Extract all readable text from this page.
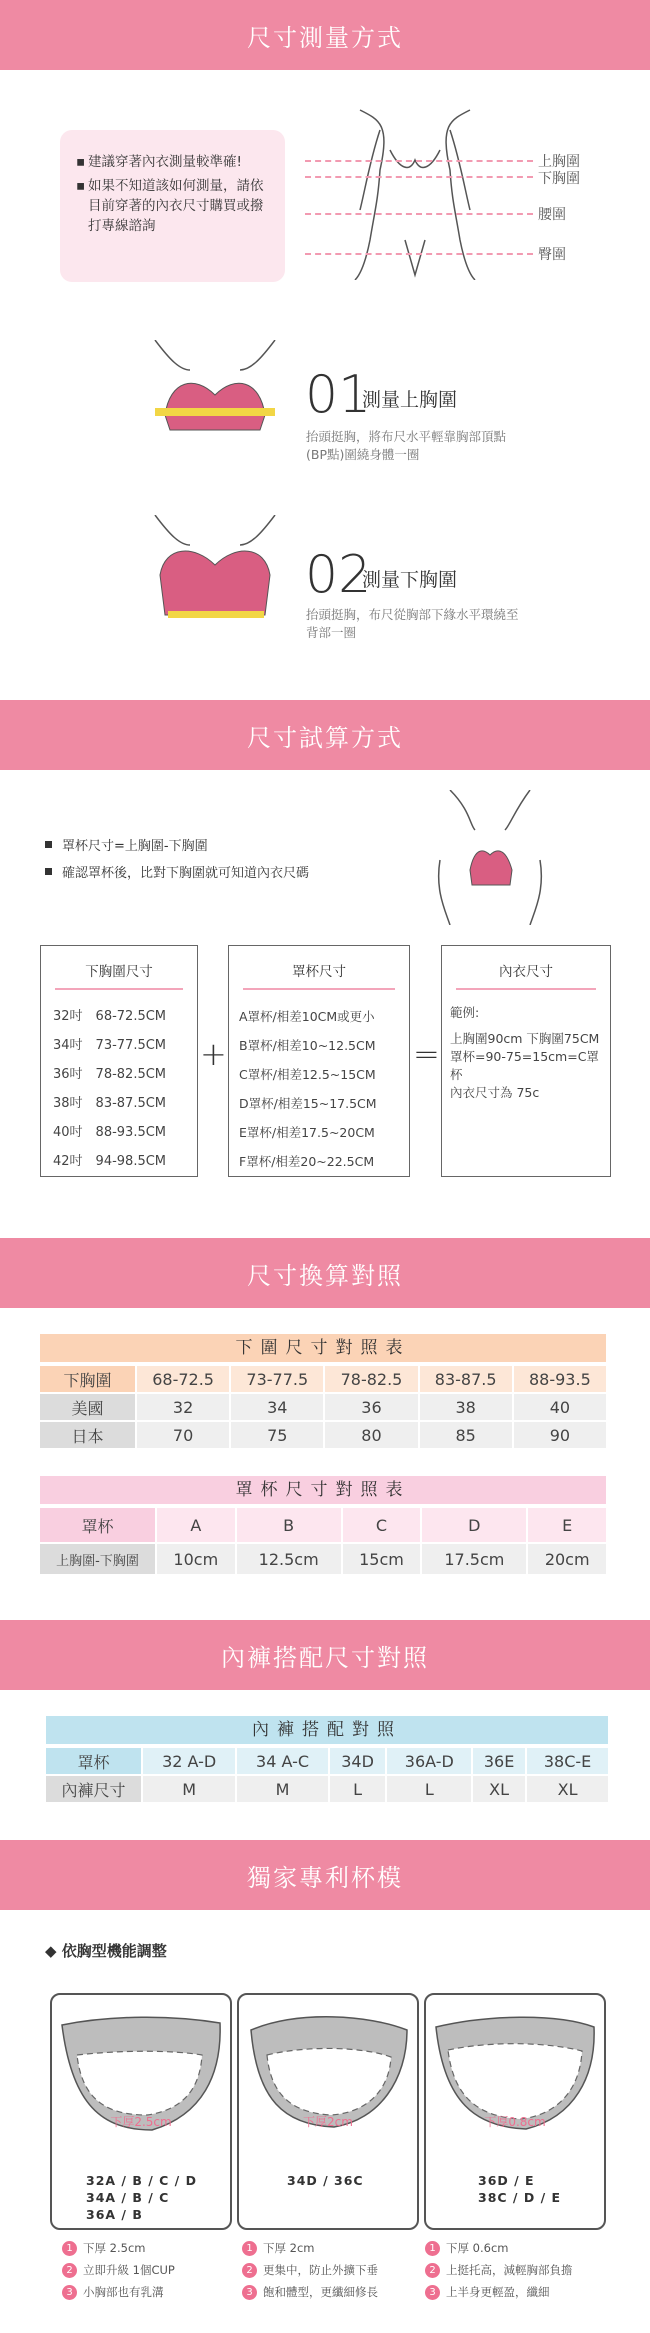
尺寸測量方式
▪ 建議穿著內衣測量較準確!
▪ 如果不知道該如何測量，請依目前穿著的內衣尺寸購買或撥打專線諮詢
上胸圍
下胸圍
腰圍
臀圍
01
測量上胸圍
抬頭挺胸，將布尺水平輕靠胸部頂點(BP點)圍繞身體一圈
02
測量下胸圍
抬頭挺胸，布尺從胸部下緣水平環繞至背部一圈
尺寸試算方式
罩杯尺寸=上胸圍-下胸圍
確認罩杯後，比對下胸圍就可知道內衣尺碼
下胸圍尺寸
32吋　68-72.5CM
34吋　73-77.5CM
36吋　78-82.5CM
38吋　83-87.5CM
40吋　88-93.5CM
42吋　94-98.5CM
+
罩杯尺寸
A罩杯/相差10CM或更小
B罩杯/相差10~12.5CM
C罩杯/相差12.5~15CM
D罩杯/相差15~17.5CM
E罩杯/相差17.5~20CM
F罩杯/相差20~22.5CM
=
內衣尺寸
範例:
上胸圍90cm 下胸圍75CM
罩杯=90-75=15cm=C罩杯
內衣尺寸為 75c
尺寸換算對照
下圍尺寸對照表
下胸圍	68-72.5	73-77.5	78-82.5	83-87.5	88-93.5
美國	32	34	36	38	40
日本	70	75	80	85	90
罩杯尺寸對照表
罩杯	A	B	C	D	E
上胸圍-下胸圍	10cm	12.5cm	15cm	17.5cm	20cm
內褲搭配尺寸對照
內褲搭配對照
罩杯	32 A-D	34 A-C	34D	36A-D	36E	38C-E
內褲尺寸	M	M	L	L	XL	XL
獨家專利杯模
◆ 依胸型機能調整
下厚2.5cm
32A / B / C / D
34A / B / C
36A / B
下厚2cm
34D / 36C
下厚0.8cm
36D / E
38C / D / E
1 下厚 2.5cm
2 立即升級 1個CUP
3 小胸部也有乳溝
1 下厚 2cm
2 更集中，防止外擴下垂
3 飽和體型，更纖細修長
1 下厚 0.6cm
2 上挺托高，減輕胸部負擔
3 上半身更輕盈，纖細
